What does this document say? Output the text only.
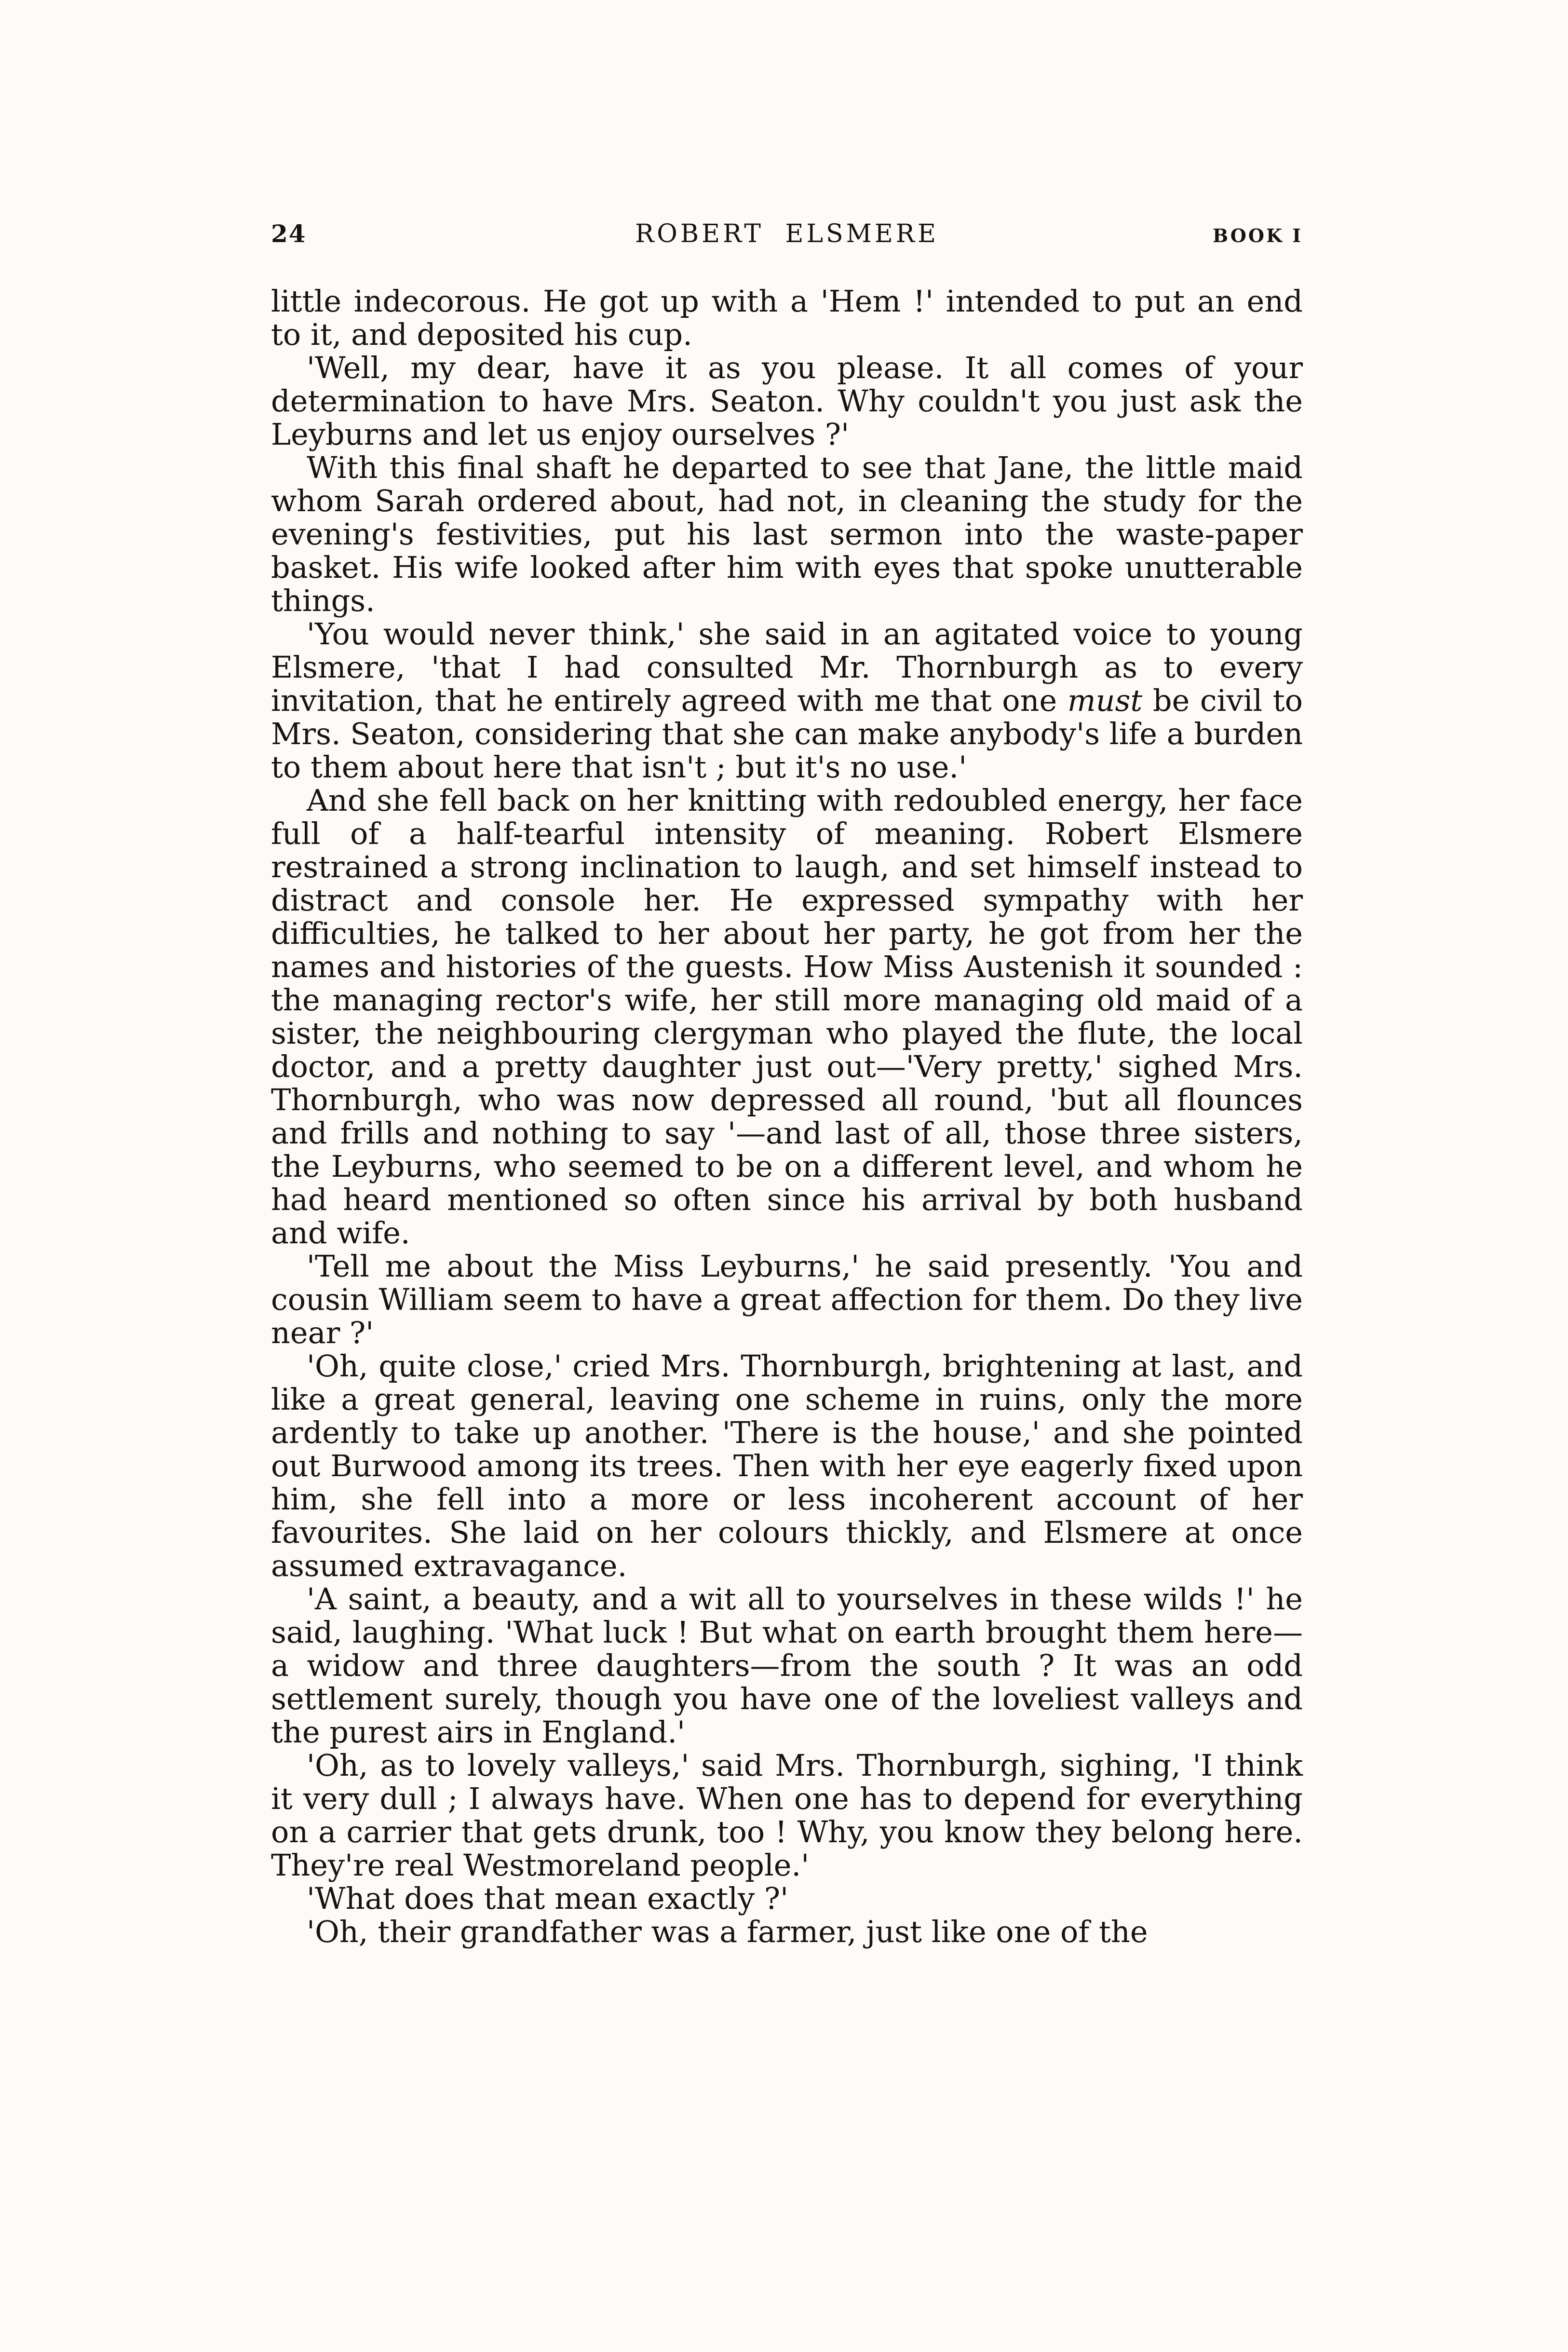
24	ROBERT ELSMERE	BOOK I

little indecorous. He got up with a 'Hem !' intended to put an end to it, and deposited his cup.

'Well, my dear, have it as you please. It all comes of your determination to have Mrs. Seaton. Why couldn't you just ask the Leyburns and let us enjoy ourselves ?'

With this final shaft he departed to see that Jane, the little maid whom Sarah ordered about, had not, in cleaning the study for the evening's festivities, put his last sermon into the waste-paper basket. His wife looked after him with eyes that spoke unutterable things.

'You would never think,' she said in an agitated voice to young Elsmere, 'that I had consulted Mr. Thornburgh as to every invitation, that he entirely agreed with me that one must be civil to Mrs. Seaton, considering that she can make anybody's life a burden to them about here that isn't ; but it's no use.'

And she fell back on her knitting with redoubled energy, her face full of a half-tearful intensity of meaning. Robert Elsmere restrained a strong inclination to laugh, and set himself instead to distract and console her. He expressed sympathy with her difficulties, he talked to her about her party, he got from her the names and histories of the guests. How Miss Austenish it sounded : the managing rector's wife, her still more managing old maid of a sister, the neighbouring clergyman who played the flute, the local doctor, and a pretty daughter just out—'Very pretty,' sighed Mrs. Thornburgh, who was now depressed all round, 'but all flounces and frills and nothing to say '—and last of all, those three sisters, the Leyburns, who seemed to be on a different level, and whom he had heard mentioned so often since his arrival by both husband and wife.

'Tell me about the Miss Leyburns,' he said presently. 'You and cousin William seem to have a great affection for them. Do they live near ?'

'Oh, quite close,' cried Mrs. Thornburgh, brightening at last, and like a great general, leaving one scheme in ruins, only the more ardently to take up another. 'There is the house,' and she pointed out Burwood among its trees. Then with her eye eagerly fixed upon him, she fell into a more or less incoherent account of her favourites. She laid on her colours thickly, and Elsmere at once assumed extravagance.

'A saint, a beauty, and a wit all to yourselves in these wilds !' he said, laughing. 'What luck ! But what on earth brought them here—a widow and three daughters—from the south ? It was an odd settlement surely, though you have one of the loveliest valleys and the purest airs in England.'

'Oh, as to lovely valleys,' said Mrs. Thornburgh, sighing, 'I think it very dull ; I always have. When one has to depend for everything on a carrier that gets drunk, too ! Why, you know they belong here. They're real Westmoreland people.'

'What does that mean exactly ?'

'Oh, their grandfather was a farmer, just like one of the
